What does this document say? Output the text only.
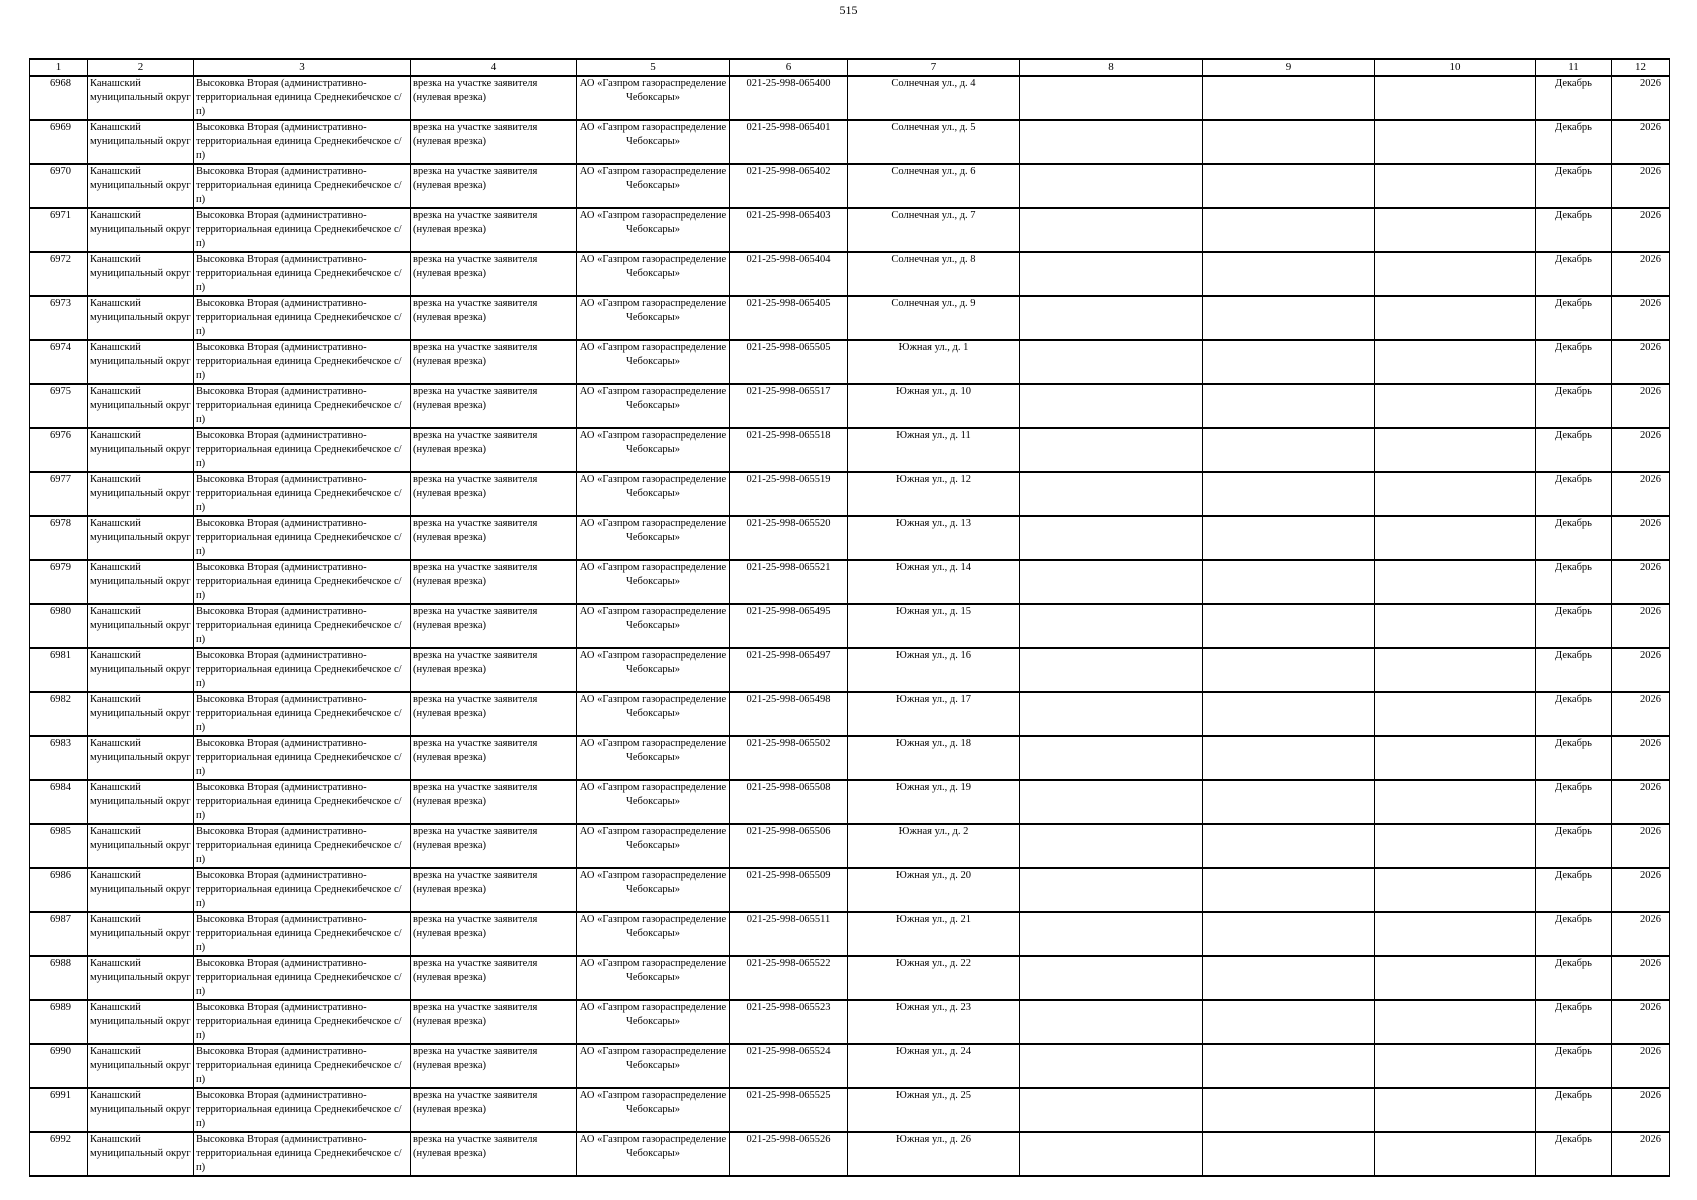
515
1	2	3	4	5	6	7	8	9	10	11	12

6968	Канашский муниципальный округ	Высоковка Вторая (административно-территориальная единица Среднекибечское с/п)	врезка на участке заявителя (нулевая врезка)	АО «Газпром газораспределение Чебоксары»	021-25-998-065400	Солнечная ул., д. 4				Декабрь	2026

6969	Канашский муниципальный округ	Высоковка Вторая (административно-территориальная единица Среднекибечское с/п)	врезка на участке заявителя (нулевая врезка)	АО «Газпром газораспределение Чебоксары»	021-25-998-065401	Солнечная ул., д. 5				Декабрь	2026

6970	Канашский муниципальный округ	Высоковка Вторая (административно-территориальная единица Среднекибечское с/п)	врезка на участке заявителя (нулевая врезка)	АО «Газпром газораспределение Чебоксары»	021-25-998-065402	Солнечная ул., д. 6				Декабрь	2026

6971	Канашский муниципальный округ	Высоковка Вторая (административно-территориальная единица Среднекибечское с/п)	врезка на участке заявителя (нулевая врезка)	АО «Газпром газораспределение Чебоксары»	021-25-998-065403	Солнечная ул., д. 7				Декабрь	2026

6972	Канашский муниципальный округ	Высоковка Вторая (административно-территориальная единица Среднекибечское с/п)	врезка на участке заявителя (нулевая врезка)	АО «Газпром газораспределение Чебоксары»	021-25-998-065404	Солнечная ул., д. 8				Декабрь	2026

6973	Канашский муниципальный округ	Высоковка Вторая (административно-территориальная единица Среднекибечское с/п)	врезка на участке заявителя (нулевая врезка)	АО «Газпром газораспределение Чебоксары»	021-25-998-065405	Солнечная ул., д. 9				Декабрь	2026

6974	Канашский муниципальный округ	Высоковка Вторая (административно-территориальная единица Среднекибечское с/п)	врезка на участке заявителя (нулевая врезка)	АО «Газпром газораспределение Чебоксары»	021-25-998-065505	Южная ул., д. 1				Декабрь	2026

6975	Канашский муниципальный округ	Высоковка Вторая (административно-территориальная единица Среднекибечское с/п)	врезка на участке заявителя (нулевая врезка)	АО «Газпром газораспределение Чебоксары»	021-25-998-065517	Южная ул., д. 10				Декабрь	2026

6976	Канашский муниципальный округ	Высоковка Вторая (административно-территориальная единица Среднекибечское с/п)	врезка на участке заявителя (нулевая врезка)	АО «Газпром газораспределение Чебоксары»	021-25-998-065518	Южная ул., д. 11				Декабрь	2026

6977	Канашский муниципальный округ	Высоковка Вторая (административно-территориальная единица Среднекибечское с/п)	врезка на участке заявителя (нулевая врезка)	АО «Газпром газораспределение Чебоксары»	021-25-998-065519	Южная ул., д. 12				Декабрь	2026

6978	Канашский муниципальный округ	Высоковка Вторая (административно-территориальная единица Среднекибечское с/п)	врезка на участке заявителя (нулевая врезка)	АО «Газпром газораспределение Чебоксары»	021-25-998-065520	Южная ул., д. 13				Декабрь	2026

6979	Канашский муниципальный округ	Высоковка Вторая (административно-территориальная единица Среднекибечское с/п)	врезка на участке заявителя (нулевая врезка)	АО «Газпром газораспределение Чебоксары»	021-25-998-065521	Южная ул., д. 14				Декабрь	2026

6980	Канашский муниципальный округ	Высоковка Вторая (административно-территориальная единица Среднекибечское с/п)	врезка на участке заявителя (нулевая врезка)	АО «Газпром газораспределение Чебоксары»	021-25-998-065495	Южная ул., д. 15				Декабрь	2026

6981	Канашский муниципальный округ	Высоковка Вторая (административно-территориальная единица Среднекибечское с/п)	врезка на участке заявителя (нулевая врезка)	АО «Газпром газораспределение Чебоксары»	021-25-998-065497	Южная ул., д. 16				Декабрь	2026

6982	Канашский муниципальный округ	Высоковка Вторая (административно-территориальная единица Среднекибечское с/п)	врезка на участке заявителя (нулевая врезка)	АО «Газпром газораспределение Чебоксары»	021-25-998-065498	Южная ул., д. 17				Декабрь	2026

6983	Канашский муниципальный округ	Высоковка Вторая (административно-территориальная единица Среднекибечское с/п)	врезка на участке заявителя (нулевая врезка)	АО «Газпром газораспределение Чебоксары»	021-25-998-065502	Южная ул., д. 18				Декабрь	2026

6984	Канашский муниципальный округ	Высоковка Вторая (административно-территориальная единица Среднекибечское с/п)	врезка на участке заявителя (нулевая врезка)	АО «Газпром газораспределение Чебоксары»	021-25-998-065508	Южная ул., д. 19				Декабрь	2026

6985	Канашский муниципальный округ	Высоковка Вторая (административно-территориальная единица Среднекибечское с/п)	врезка на участке заявителя (нулевая врезка)	АО «Газпром газораспределение Чебоксары»	021-25-998-065506	Южная ул., д. 2				Декабрь	2026

6986	Канашский муниципальный округ	Высоковка Вторая (административно-территориальная единица Среднекибечское с/п)	врезка на участке заявителя (нулевая врезка)	АО «Газпром газораспределение Чебоксары»	021-25-998-065509	Южная ул., д. 20				Декабрь	2026

6987	Канашский муниципальный округ	Высоковка Вторая (административно-территориальная единица Среднекибечское с/п)	врезка на участке заявителя (нулевая врезка)	АО «Газпром газораспределение Чебоксары»	021-25-998-065511	Южная ул., д. 21				Декабрь	2026

6988	Канашский муниципальный округ	Высоковка Вторая (административно-территориальная единица Среднекибечское с/п)	врезка на участке заявителя (нулевая врезка)	АО «Газпром газораспределение Чебоксары»	021-25-998-065522	Южная ул., д. 22				Декабрь	2026

6989	Канашский муниципальный округ	Высоковка Вторая (административно-территориальная единица Среднекибечское с/п)	врезка на участке заявителя (нулевая врезка)	АО «Газпром газораспределение Чебоксары»	021-25-998-065523	Южная ул., д. 23				Декабрь	2026

6990	Канашский муниципальный округ	Высоковка Вторая (административно-территориальная единица Среднекибечское с/п)	врезка на участке заявителя (нулевая врезка)	АО «Газпром газораспределение Чебоксары»	021-25-998-065524	Южная ул., д. 24				Декабрь	2026

6991	Канашский муниципальный округ	Высоковка Вторая (административно-территориальная единица Среднекибечское с/п)	врезка на участке заявителя (нулевая врезка)	АО «Газпром газораспределение Чебоксары»	021-25-998-065525	Южная ул., д. 25				Декабрь	2026

6992	Канашский муниципальный округ	Высоковка Вторая (административно-территориальная единица Среднекибечское с/п)	врезка на участке заявителя (нулевая врезка)	АО «Газпром газораспределение Чебоксары»	021-25-998-065526	Южная ул., д. 26				Декабрь	2026
